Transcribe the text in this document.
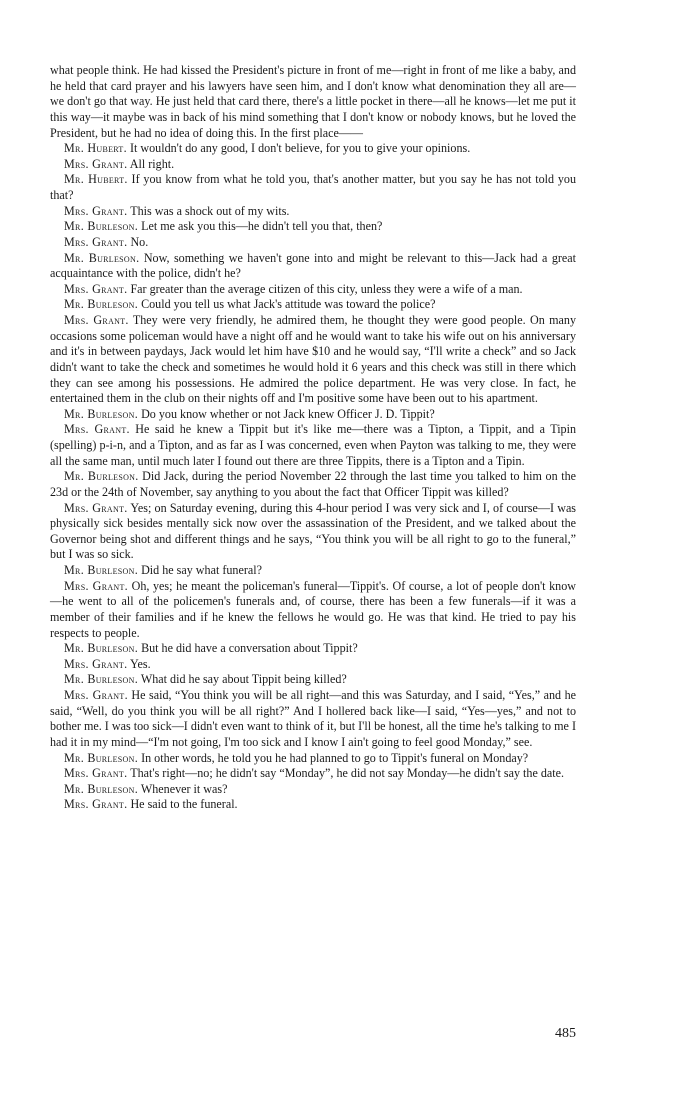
what people think. He had kissed the President's picture in front of me—right in front of me like a baby, and he held that card prayer and his lawyers have seen him, and I don't know what denomination they all are—we don't go that way. He just held that card there, there's a little pocket in there—all he knows—let me put it this way—it maybe was in back of his mind something that I don't know or nobody knows, but he loved the President, but he had no idea of doing this. In the first place——

Mr. Hubert. It wouldn't do any good, I don't believe, for you to give your opinions.

Mrs. Grant. All right.

Mr. Hubert. If you know from what he told you, that's another matter, but you say he has not told you that?

Mrs. Grant. This was a shock out of my wits.

Mr. Burleson. Let me ask you this—he didn't tell you that, then?

Mrs. Grant. No.

Mr. Burleson. Now, something we haven't gone into and might be relevant to this—Jack had a great acquaintance with the police, didn't he?

Mrs. Grant. Far greater than the average citizen of this city, unless they were a wife of a man.

Mr. Burleson. Could you tell us what Jack's attitude was toward the police?

Mrs. Grant. They were very friendly, he admired them, he thought they were good people. On many occasions some policeman would have a night off and he would want to take his wife out on his anniversary and it's in between paydays, Jack would let him have $10 and he would say, “I'll write a check” and so Jack didn't want to take the check and sometimes he would hold it 6 years and this check was still in there which they can see among his possessions. He admired the police department. He was very close. In fact, he entertained them in the club on their nights off and I'm positive some have been out to his apartment.

Mr. Burleson. Do you know whether or not Jack knew Officer J. D. Tippit?

Mrs. Grant. He said he knew a Tippit but it's like me—there was a Tipton, a Tippit, and a Tipin (spelling) p-i-n, and a Tipton, and as far as I was concerned, even when Payton was talking to me, they were all the same man, until much later I found out there are three Tippits, there is a Tipton and a Tipin.

Mr. Burleson. Did Jack, during the period November 22 through the last time you talked to him on the 23d or the 24th of November, say anything to you about the fact that Officer Tippit was killed?

Mrs. Grant. Yes; on Saturday evening, during this 4-hour period I was very sick and I, of course—I was physically sick besides mentally sick now over the assassination of the President, and we talked about the Governor being shot and different things and he says, “You think you will be all right to go to the funeral,” but I was so sick.

Mr. Burleson. Did he say what funeral?

Mrs. Grant. Oh, yes; he meant the policeman's funeral—Tippit's. Of course, a lot of people don't know—he went to all of the policemen's funerals and, of course, there has been a few funerals—if it was a member of their families and if he knew the fellows he would go. He was that kind. He tried to pay his respects to people.

Mr. Burleson. But he did have a conversation about Tippit?

Mrs. Grant. Yes.

Mr. Burleson. What did he say about Tippit being killed?

Mrs. Grant. He said, “You think you will be all right—and this was Saturday, and I said, “Yes,” and he said, “Well, do you think you will be all right?” And I hollered back like—I said, “Yes—yes,” and not to bother me. I was too sick—I didn't even want to think of it, but I'll be honest, all the time he's talking to me I had it in my mind—“I'm not going, I'm too sick and I know I ain't going to feel good Monday,” see.

Mr. Burleson. In other words, he told you he had planned to go to Tippit's funeral on Monday?

Mrs. Grant. That's right—no; he didn't say “Monday”, he did not say Monday—he didn't say the date.

Mr. Burleson. Whenever it was?

Mrs. Grant. He said to the funeral.

485
